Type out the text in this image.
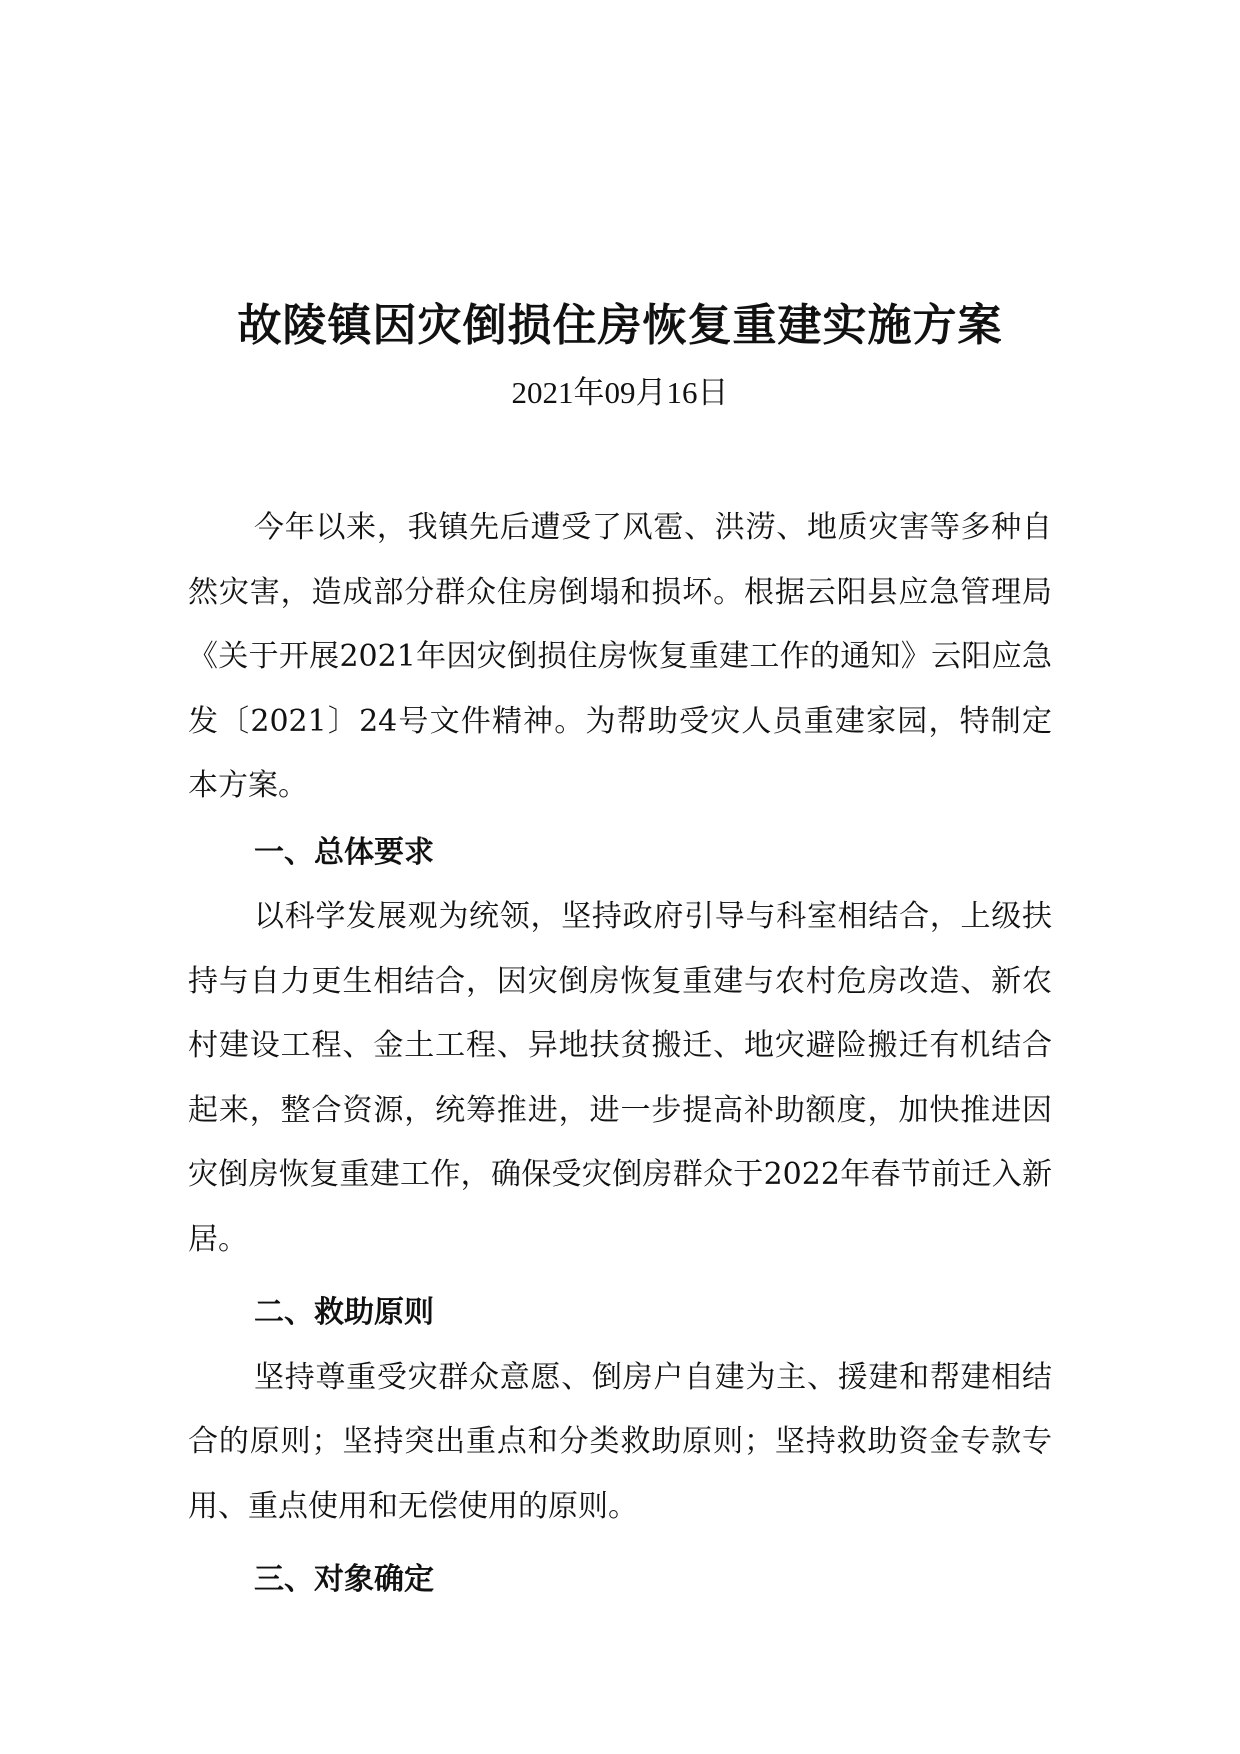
故陵镇因灾倒损住房恢复重建实施方案
2021年09月16日

今年以来，我镇先后遭受了风雹、洪涝、地质灾害等多种自然灾害，造成部分群众住房倒塌和损坏。根据云阳县应急管理局《关于开展2021年因灾倒损住房恢复重建工作的通知》云阳应急发〔2021〕24号文件精神。为帮助受灾人员重建家园，特制定本方案。

一、总体要求

以科学发展观为统领，坚持政府引导与科室相结合，上级扶持与自力更生相结合，因灾倒房恢复重建与农村危房改造、新农村建设工程、金土工程、异地扶贫搬迁、地灾避险搬迁有机结合起来，整合资源，统筹推进，进一步提高补助额度，加快推进因灾倒房恢复重建工作，确保受灾倒房群众于2022年春节前迁入新居。

二、救助原则

坚持尊重受灾群众意愿、倒房户自建为主、援建和帮建相结合的原则；坚持突出重点和分类救助原则；坚持救助资金专款专用、重点使用和无偿使用的原则。

三、对象确定
